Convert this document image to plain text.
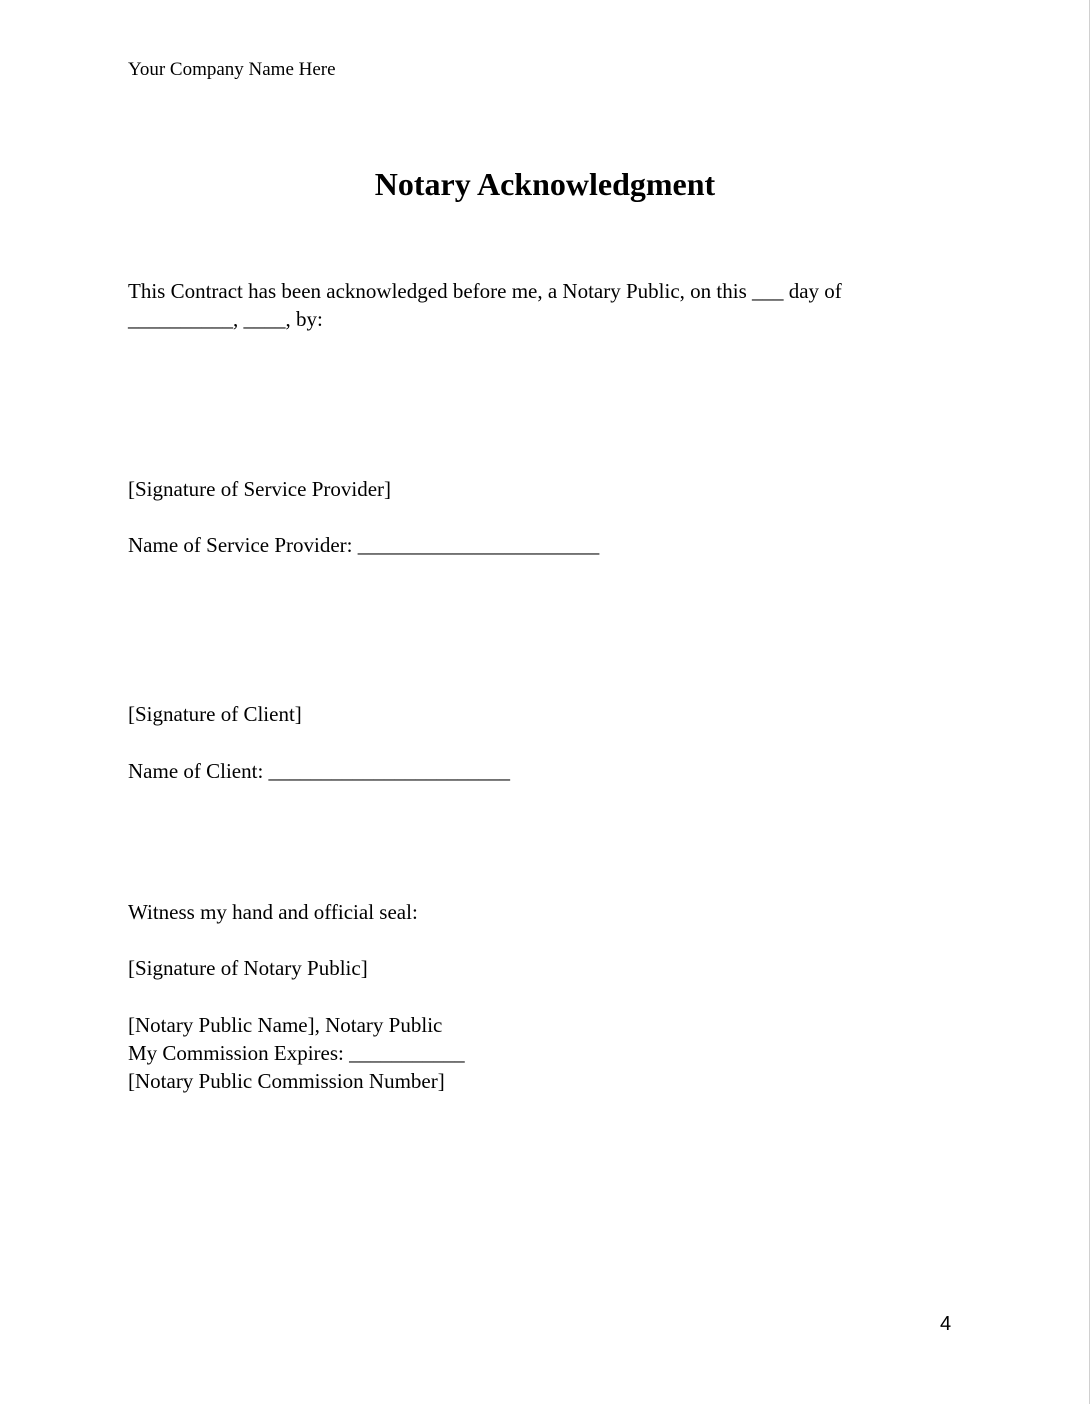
Your Company Name Here
Notary Acknowledgment
This Contract has been acknowledged before me, a Notary Public, on this ___ day of
__________, ____, by:
[Signature of Service Provider]
Name of Service Provider: _______________________
[Signature of Client]
Name of Client: _______________________
Witness my hand and official seal:
[Signature of Notary Public]
[Notary Public Name], Notary Public
My Commission Expires: ___________
[Notary Public Commission Number]
4
